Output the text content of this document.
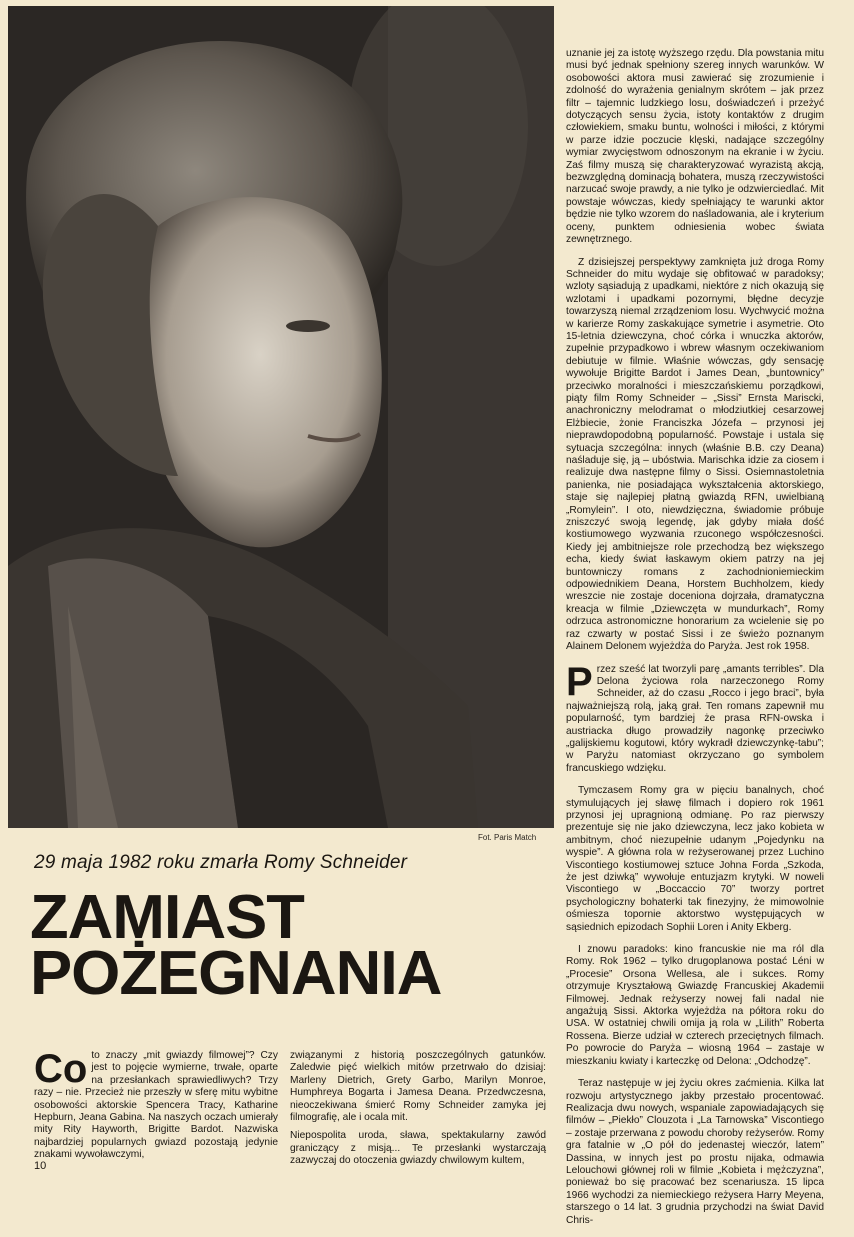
Fot. Paris Match
29 maja 1982 roku zmarła Romy Schneider
ZAMIAST
POŻEGNANIA

Co to znaczy „mit gwiazdy filmowej”? Czy jest to pojęcie wymierne, trwałe, oparte na przesłankach sprawiedliwych? Trzy razy – nie. Przecież nie przeszły w sferę mitu wybitne osobowości aktorskie Spencera Tracy, Katharine Hepburn, Jeana Gabina. Na naszych oczach umierały mity Rity Hayworth, Brigitte Bardot. Nazwiska najbardziej popularnych gwiazd pozostają jedynie znakami wywoławczymi,

związanymi z historią poszczególnych gatunków. Zaledwie pięć wielkich mitów przetrwało do dzisiaj: Marleny Dietrich, Grety Garbo, Marilyn Monroe, Humphreya Bogarta i Jamesa Deana. Przedwczesna, nieoczekiwana śmierć Romy Schneider zamyka jej filmografię, ale i ocala mit.

Niepospolita uroda, sława, spektakularny zawód graniczący z misją... Te przesłanki wystarczają zazwyczaj do otoczenia gwiazdy chwilowym kultem,

uznanie jej za istotę wyższego rzędu. Dla powstania mitu musi być jednak spełniony szereg innych warunków. W osobowości aktora musi zawierać się zrozumienie i zdolność do wyrażenia genialnym skrótem – jak przez filtr – tajemnic ludzkiego losu, doświadczeń i przeżyć dotyczących sensu życia, istoty kontaktów z drugim człowiekiem, smaku buntu, wolności i miłości, z którymi w parze idzie poczucie klęski, nadające szczególny wymiar zwycięstwom odnoszonym na ekranie i w życiu. Zaś filmy muszą się charakteryzować wyrazistą akcją, bezwzględną dominacją bohatera, muszą rzeczywistości narzucać swoje prawdy, a nie tylko je odzwierciedlać. Mit powstaje wówczas, kiedy spełniający te warunki aktor będzie nie tylko wzorem do naśladowania, ale i kryterium oceny, punktem odniesienia wobec świata zewnętrznego.

Z dzisiejszej perspektywy zamknięta już droga Romy Schneider do mitu wydaje się obfitować w paradoksy; wzloty sąsiadują z upadkami, niektóre z nich okazują się wzlotami i upadkami pozornymi, błędne decyzje towarzyszą niemal zrządzeniom losu. Wychwycić można w karierze Romy zaskakujące symetrie i asymetrie. Oto 15-letnia dziewczyna, choć córka i wnuczka aktorów, zupełnie przypadkowo i wbrew własnym oczekiwaniom debiutuje w filmie. Właśnie wówczas, gdy sensację wywołuje Brigitte Bardot i James Dean, „buntownicy” przeciwko moralności i mieszczańskiemu porządkowi, piąty film Romy Schneider – „Sissi” Ernsta Mariscki, anachroniczny melodramat o młodziutkiej cesarzowej Elżbiecie, żonie Franciszka Józefa – przynosi jej nieprawdopodobną popularność. Powstaje i ustala się sytuacja szczególna: innych (właśnie B.B. czy Deana) naśladuje się, ją – ubóstwia. Marischka idzie za ciosem i realizuje dwa następne filmy o Sissi. Osiemnastoletnia panienka, nie posiadająca wykształcenia aktorskiego, staje się najlepiej płatną gwiazdą RFN, uwielbianą „Romylein”. I oto, niewdzięczna, świadomie próbuje zniszczyć swoją legendę, jak gdyby miała dość kostiumowego wyzwania rzuconego współczesności. Kiedy jej ambitniejsze role przechodzą bez większego echa, kiedy świat łaskawym okiem patrzy na jej buntowniczy romans z zachodnioniemieckim odpowiednikiem Deana, Horstem Buchholzem, kiedy wreszcie nie zostaje doceniona dojrzała, dramatyczna kreacja w filmie „Dziewczęta w mundurkach”, Romy odrzuca astronomiczne honorarium za wcielenie się po raz czwarty w postać Sissi i ze świeżo poznanym Alainem Delonem wyjeżdża do Paryża. Jest rok 1958.

Przez sześć lat tworzyli parę „amants terribles”. Dla Delona życiowa rola narzeczonego Romy Schneider, aż do czasu „Rocco i jego braci”, była najważniejszą rolą, jaką grał. Ten romans zapewnił mu popularność, tym bardziej że prasa RFN-owska i austriacka długo prowadziły nagonkę przeciwko „galijskiemu kogutowi, który wykradł dziewczynkę-tabu”; w Paryżu natomiast okrzyczano go symbolem francuskiego wdzięku.

Tymczasem Romy gra w pięciu banalnych, choć stymulujących jej sławę filmach i dopiero rok 1961 przynosi jej upragnioną odmianę. Po raz pierwszy prezentuje się nie jako dziewczyna, lecz jako kobieta w ambitnym, choć niezupełnie udanym „Pojedynku na wyspie”. A główna rola w reżyserowanej przez Luchino Viscontiego kostiumowej sztuce Johna Forda „Szkoda, że jest dziwką” wywołuje entuzjazm krytyki. W noweli Viscontiego w „Boccaccio 70” tworzy portret psychologiczny bohaterki tak finezyjny, że mimowolnie ośmiesza topornie aktorstwo występujących w sąsiednich epizodach Sophii Loren i Anity Ekberg.

I znowu paradoks: kino francuskie nie ma ról dla Romy. Rok 1962 – tylko drugoplanowa postać Léni w „Procesie” Orsona Wellesa, ale i sukces. Romy otrzymuje Kryształową Gwiazdę Francuskiej Akademii Filmowej. Jednak reżyserzy nowej fali nadal nie angażują Sissi. Aktorka wyjeżdża na półtora roku do USA. W ostatniej chwili omija ją rola w „Lilith” Roberta Rossena. Bierze udział w czterech przeciętnych filmach. Po powrocie do Paryża – wiosną 1964 – zastaje w mieszkaniu kwiaty i karteczkę od Delona: „Odchodzę”.

Teraz następuje w jej życiu okres zaćmienia. Kilka lat rozwoju artystycznego jakby przestało procentować. Realizacja dwu nowych, wspaniale zapowiadających się filmów – „Piekło” Clouzota i „La Tarnowska” Viscontiego – zostaje przerwana z powodu choroby reżyserów. Romy gra fatalnie w „O pół do jedenastej wieczór, latem” Dassina, w innych jest po prostu nijaka, odmawia Lelouchowi głównej roli w filmie „Kobieta i mężczyzna”, ponieważ bo się pracować bez scenariusza. 15 lipca 1966 wychodzi za niemieckiego reżysera Harry Meyena, starszego o 14 lat. 3 grudnia przychodzi na świat David Chris-

10
